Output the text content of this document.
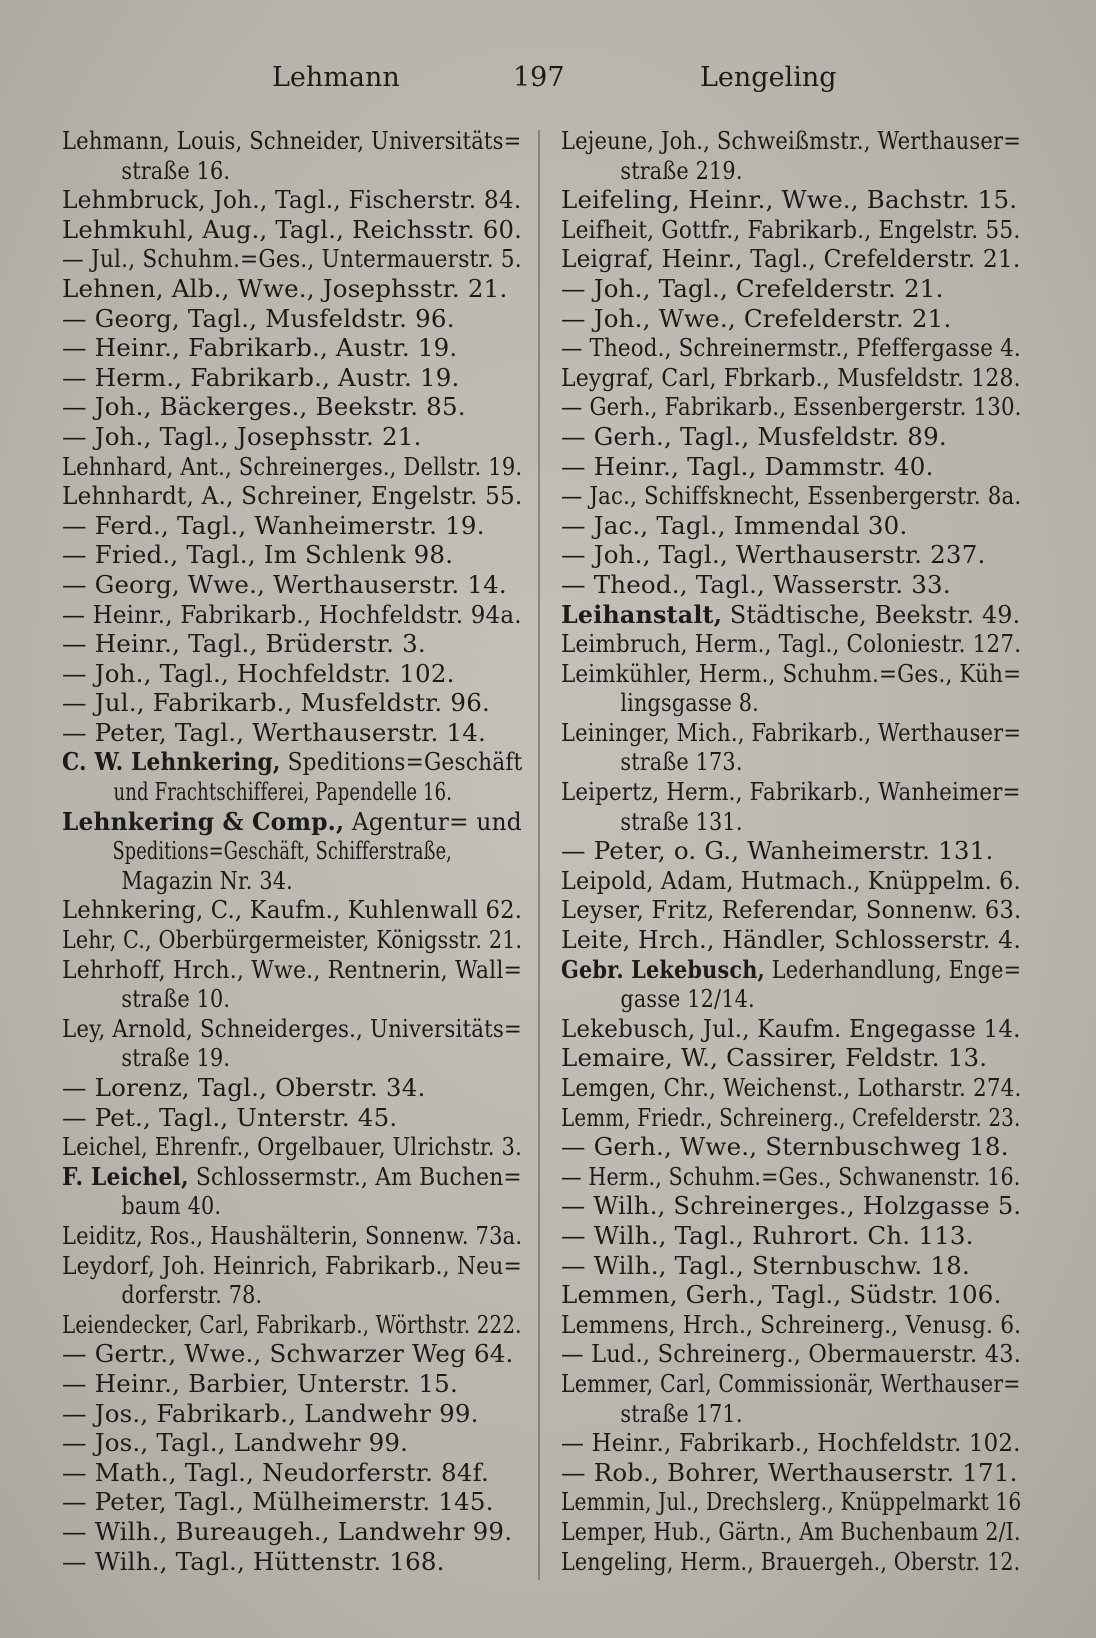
Lehmann	197	Lengeling
Lehmann, Louis, Schneider, Universitäts=
straße 16.
Lehmbruck, Joh., Tagl., Fischerstr. 84.
Lehmkuhl, Aug., Tagl., Reichsstr. 60.
— Jul., Schuhm.=Ges., Untermauerstr. 5.
Lehnen, Alb., Wwe., Josephsstr. 21.
— Georg, Tagl., Musfeldstr. 96.
— Heinr., Fabrikarb., Austr. 19.
— Herm., Fabrikarb., Austr. 19.
— Joh., Bäckerges., Beekstr. 85.
— Joh., Tagl., Josephsstr. 21.
Lehnhard, Ant., Schreinerges., Dellstr. 19.
Lehnhardt, A., Schreiner, Engelstr. 55.
— Ferd., Tagl., Wanheimerstr. 19.
— Fried., Tagl., Im Schlenk 98.
— Georg, Wwe., Werthauserstr. 14.
— Heinr., Fabrikarb., Hochfeldstr. 94a.
— Heinr., Tagl., Brüderstr. 3.
— Joh., Tagl., Hochfeldstr. 102.
— Jul., Fabrikarb., Musfeldstr. 96.
— Peter, Tagl., Werthauserstr. 14.
C. W. Lehnkering, Speditions=Geschäft
und Frachtschifferei, Papendelle 16.
Lehnkering & Comp., Agentur= und
Speditions=Geschäft, Schifferstraße,
Magazin Nr. 34.
Lehnkering, C., Kaufm., Kuhlenwall 62.
Lehr, C., Oberbürgermeister, Königsstr. 21.
Lehrhoff, Hrch., Wwe., Rentnerin, Wall=
straße 10.
Ley, Arnold, Schneiderges., Universitäts=
straße 19.
— Lorenz, Tagl., Oberstr. 34.
— Pet., Tagl., Unterstr. 45.
Leichel, Ehrenfr., Orgelbauer, Ulrichstr. 3.
F. Leichel, Schlossermstr., Am Buchen=
baum 40.
Leiditz, Ros., Haushälterin, Sonnenw. 73a.
Leydorf, Joh. Heinrich, Fabrikarb., Neu=
dorferstr. 78.
Leiendecker, Carl, Fabrikarb., Wörthstr. 222.
— Gertr., Wwe., Schwarzer Weg 64.
— Heinr., Barbier, Unterstr. 15.
— Jos., Fabrikarb., Landwehr 99.
— Jos., Tagl., Landwehr 99.
— Math., Tagl., Neudorferstr. 84f.
— Peter, Tagl., Mülheimerstr. 145.
— Wilh., Bureaugeh., Landwehr 99.
— Wilh., Tagl., Hüttenstr. 168.
Lejeune, Joh., Schweißmstr., Werthauser=
straße 219.
Leifeling, Heinr., Wwe., Bachstr. 15.
Leifheit, Gottfr., Fabrikarb., Engelstr. 55.
Leigraf, Heinr., Tagl., Crefelderstr. 21.
— Joh., Tagl., Crefelderstr. 21.
— Joh., Wwe., Crefelderstr. 21.
— Theod., Schreinermstr., Pfeffergasse 4.
Leygraf, Carl, Fbrkarb., Musfeldstr. 128.
— Gerh., Fabrikarb., Essenbergerstr. 130.
— Gerh., Tagl., Musfeldstr. 89.
— Heinr., Tagl., Dammstr. 40.
— Jac., Schiffsknecht, Essenbergerstr. 8a.
— Jac., Tagl., Immendal 30.
— Joh., Tagl., Werthauserstr. 237.
— Theod., Tagl., Wasserstr. 33.
Leihanstalt, Städtische, Beekstr. 49.
Leimbruch, Herm., Tagl., Coloniestr. 127.
Leimkühler, Herm., Schuhm.=Ges., Küh=
lingsgasse 8.
Leininger, Mich., Fabrikarb., Werthauser=
straße 173.
Leipertz, Herm., Fabrikarb., Wanheimer=
straße 131.
— Peter, o. G., Wanheimerstr. 131.
Leipold, Adam, Hutmach., Knüppelm. 6.
Leyser, Fritz, Referendar, Sonnenw. 63.
Leite, Hrch., Händler, Schlosserstr. 4.
Gebr. Lekebusch, Lederhandlung, Enge=
gasse 12/14.
Lekebusch, Jul., Kaufm. Engegasse 14.
Lemaire, W., Cassirer, Feldstr. 13.
Lemgen, Chr., Weichenst., Lotharstr. 274.
Lemm, Friedr., Schreinerg., Crefelderstr. 23.
— Gerh., Wwe., Sternbuschweg 18.
— Herm., Schuhm.=Ges., Schwanenstr. 16.
— Wilh., Schreinerges., Holzgasse 5.
— Wilh., Tagl., Ruhrort. Ch. 113.
— Wilh., Tagl., Sternbuschw. 18.
Lemmen, Gerh., Tagl., Südstr. 106.
Lemmens, Hrch., Schreinerg., Venusg. 6.
— Lud., Schreinerg., Obermauerstr. 43.
Lemmer, Carl, Commissionär, Werthauser=
straße 171.
— Heinr., Fabrikarb., Hochfeldstr. 102.
— Rob., Bohrer, Werthauserstr. 171.
Lemmin, Jul., Drechslerg., Knüppelmarkt 16
Lemper, Hub., Gärtn., Am Buchenbaum 2/I.
Lengeling, Herm., Brauergeh., Oberstr. 12.
